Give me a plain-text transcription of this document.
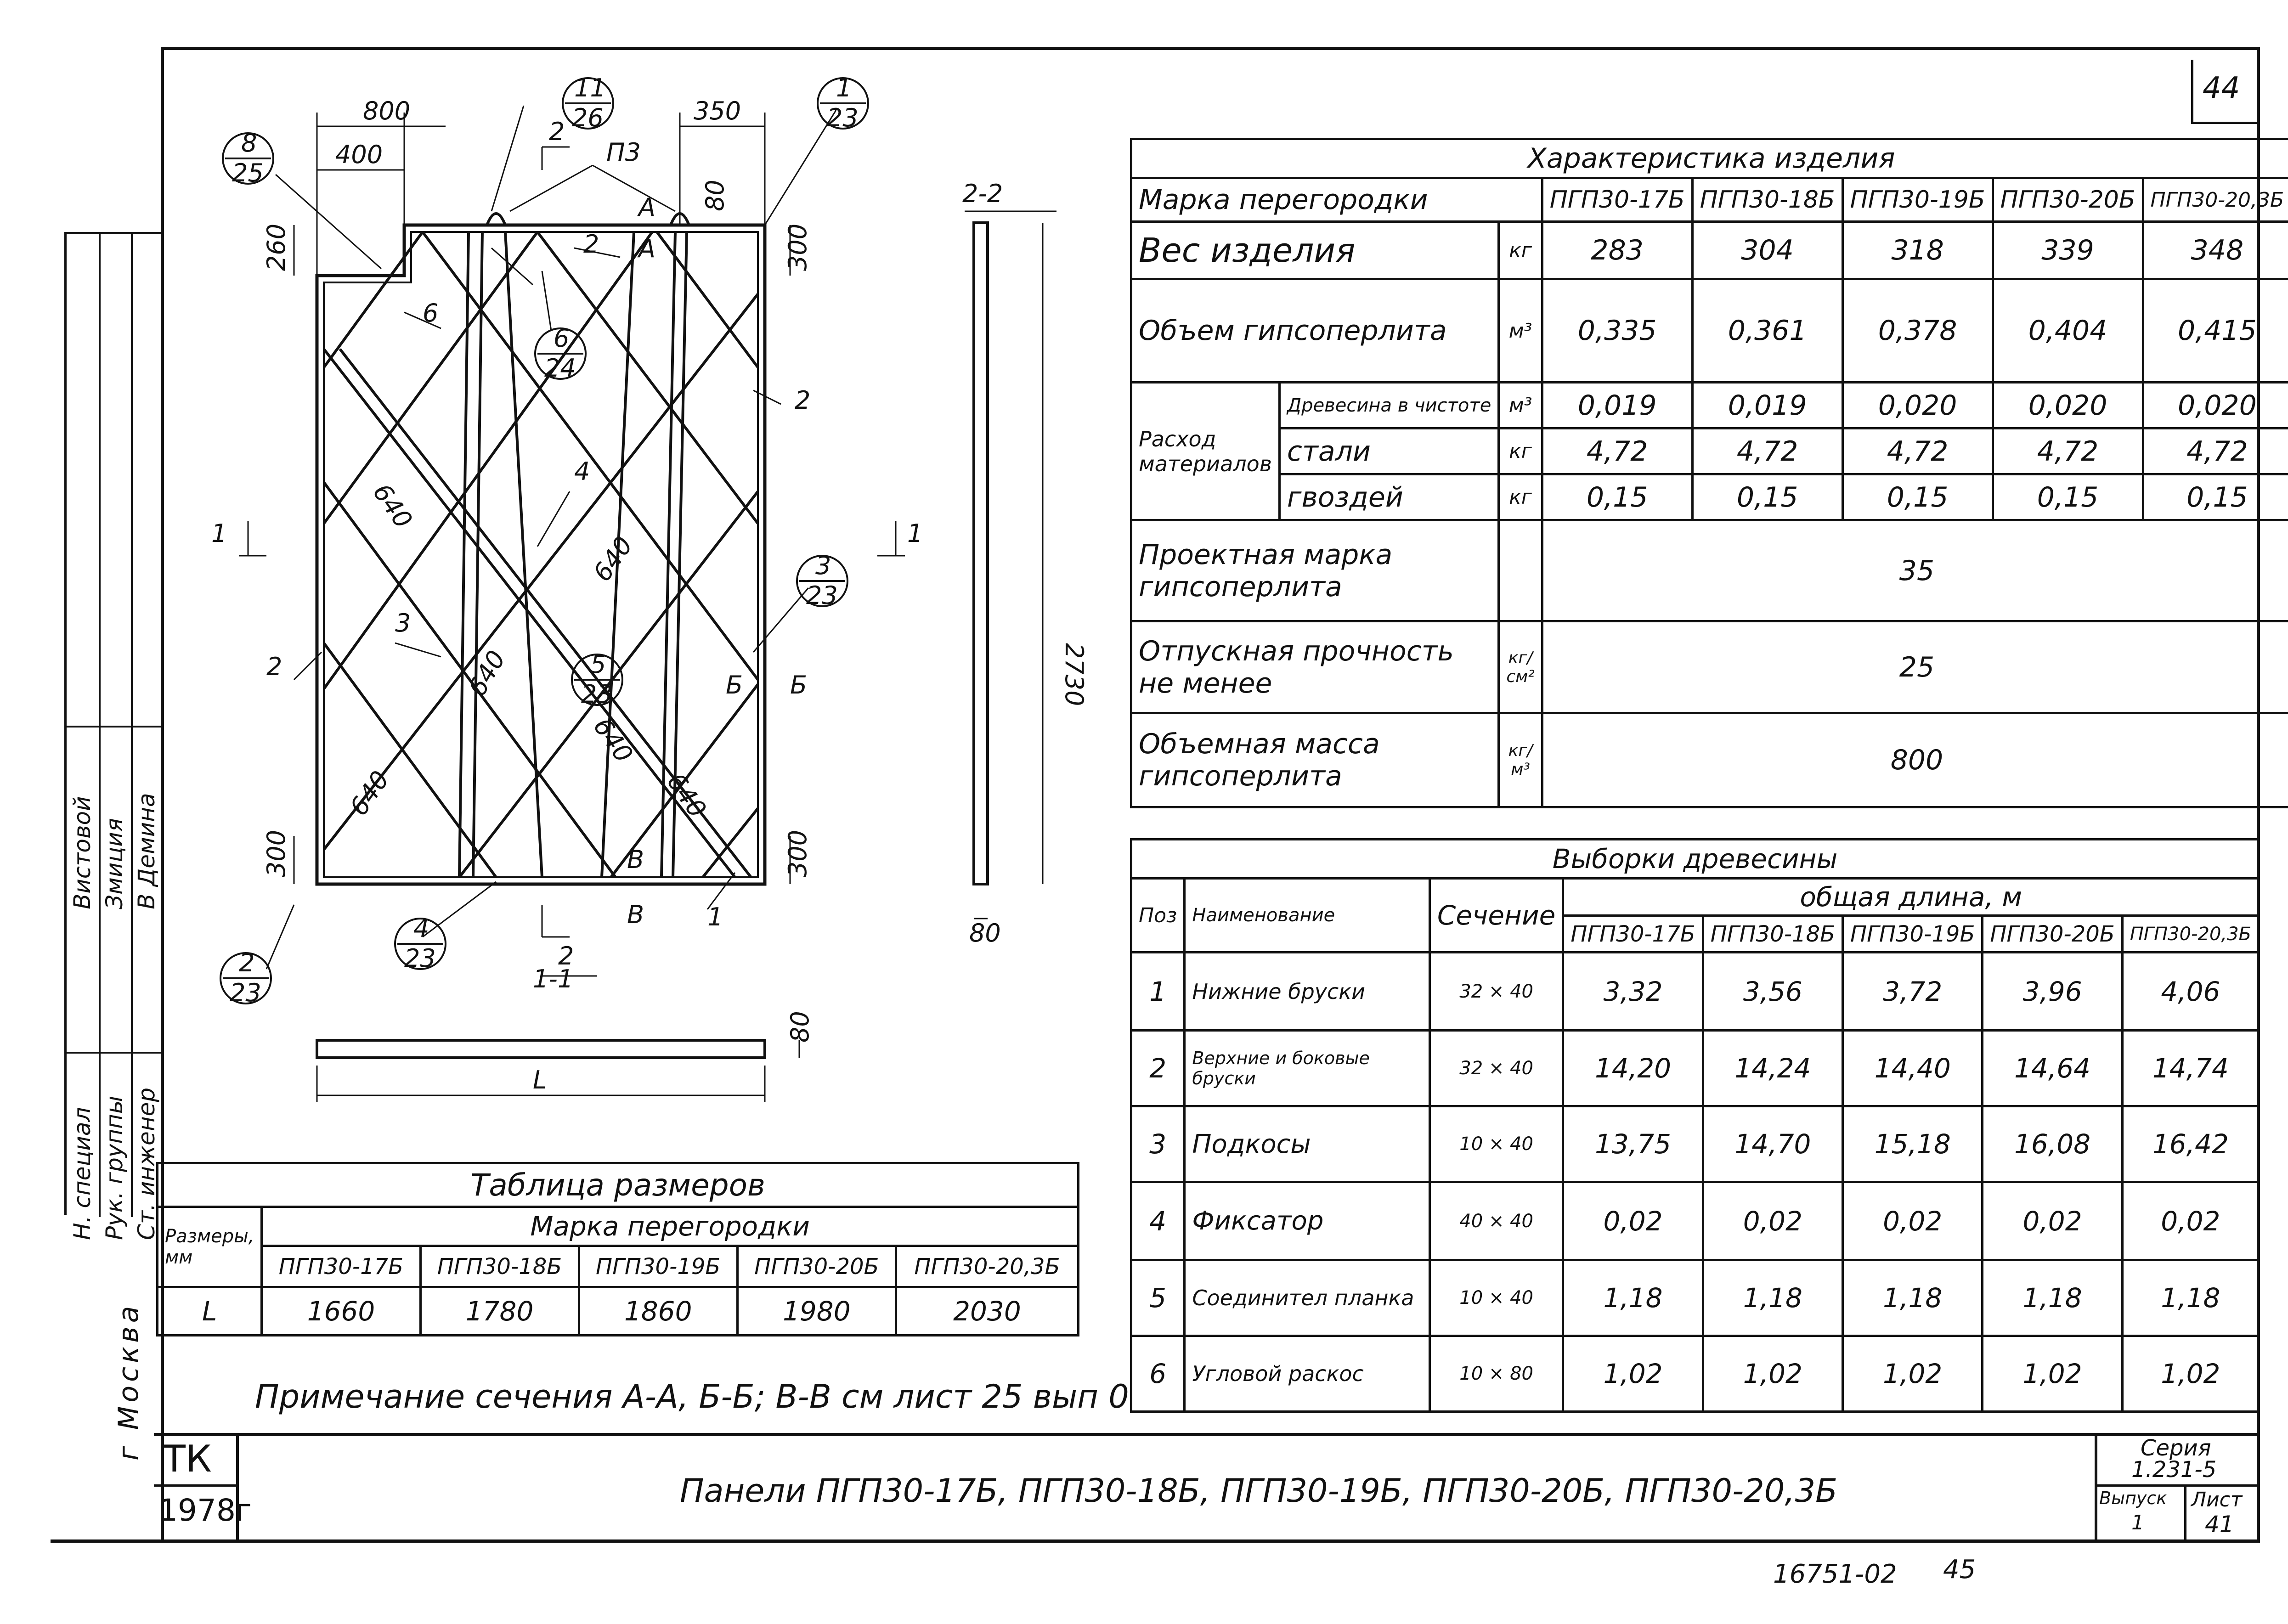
44
Н. специал Рук. группы Ст. инженер
Вистовой Змиция В Демина
г Москва
8
25
11
26
1
23
6
24
3
23
5
23
4
23
2
23
800
400
350
260	300
80
300	300
640
640
640
640
640	640
П3
А
А
Б Б
В
В
2
2
2
2
2
6
4
3
1
1	1
1-1
2-2
2730
80
80
L
Характеристика изделия							
Марка перегородки			ПГП30-17Б	ПГП30-18Б	ПГП30-19Б	ПГП30-20Б	ПГП30-20,3Б
Вес изделия		кг	283	304	318	339	348
Объем гипсоперлита		м³	0,335	0,361	0,378	0,404	0,415
Расход материалов	Древесина в чистоте	м³	0,019	0,019	0,020	0,020	0,020
	стали	кг	4,72	4,72	4,72	4,72	4,72
	гвоздей	кг	0,15	0,15	0,15	0,15	0,15
Проектная марка гипсоперлита			35				
Отпускная прочность не менее		кг/см²	25				
Объемная масса гипсоперлита		кг/м³	800				
Выборки древесины							
Поз	Наименование	Сечение	общая длина, м				
			ПГП30-17Б	ПГП30-18Б	ПГП30-19Б	ПГП30-20Б	ПГП30-20,3Б
1	Нижние бруски	32 × 40	3,32	3,56	3,72	3,96	4,06
2	Верхние и боковые бруски	32 × 40	14,20	14,24	14,40	14,64	14,74
3	Подкосы	10 × 40	13,75	14,70	15,18	16,08	16,42
4	Фиксатор	40 × 40	0,02	0,02	0,02	0,02	0,02
5	Соединител планка	10 × 40	1,18	1,18	1,18	1,18	1,18
6	Угловой раскос	10 × 80	1,02	1,02	1,02	1,02	1,02
Таблица размеров					
Размеры, мм	Марка перегородки				
	ПГП30-17Б	ПГП30-18Б	ПГП30-19Б	ПГП30-20Б	ПГП30-20,3Б
L	1660	1780	1860	1980	2030
Примечание сечения А-А, Б-Б; В-В см лист 25 вып 0
ТК
1978г
Панели ПГП30-17Б, ПГП30-18Б, ПГП30-19Б, ПГП30-20Б, ПГП30-20,3Б
Серия
1.231-5
Выпуск
1
Лист
41
16751-02 45
